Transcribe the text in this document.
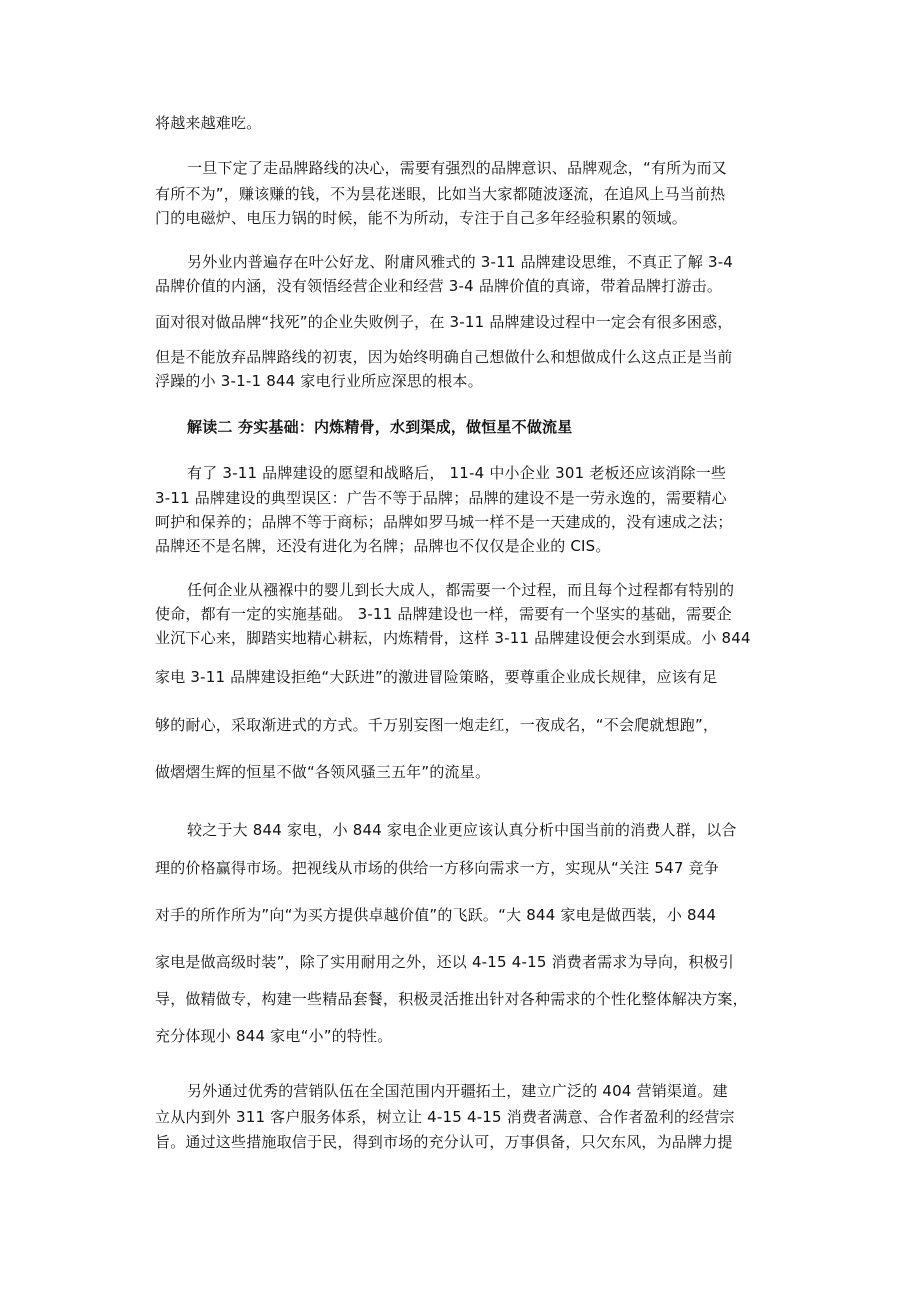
将越来越难吃。
一旦下定了走品牌路线的决心，需要有强烈的品牌意识、品牌观念，“有所为而又
有所不为”，赚该赚的钱，不为昙花迷眼，比如当大家都随波逐流，在追风上马当前热
门的电磁炉、电压力锅的时候，能不为所动，专注于自己多年经验积累的领域。
另外业内普遍存在叶公好龙、附庸风雅式的 3-11 品牌建设思维，不真正了解 3-4
品牌价值的内涵，没有领悟经营企业和经营 3-4 品牌价值的真谛，带着品牌打游击。
面对很对做品牌“找死”的企业失败例子，在 3-11 品牌建设过程中一定会有很多困惑，
但是不能放弃品牌路线的初衷，因为始终明确自己想做什么和想做成什么这点正是当前
浮躁的小 3-1-1 844 家电行业所应深思的根本。
解读二 夯实基础：内炼精骨，水到渠成，做恒星不做流星
有了 3-11 品牌建设的愿望和战略后， 11-4 中小企业 301 老板还应该消除一些
3-11 品牌建设的典型误区：广告不等于品牌；品牌的建设不是一劳永逸的，需要精心
呵护和保养的；品牌不等于商标；品牌如罗马城一样不是一天建成的，没有速成之法；
品牌还不是名牌，还没有进化为名牌；品牌也不仅仅是企业的 CIS。
任何企业从襁褓中的婴儿到长大成人，都需要一个过程，而且每个过程都有特别的
使命，都有一定的实施基础。 3-11 品牌建设也一样，需要有一个坚实的基础，需要企
业沉下心来，脚踏实地精心耕耘，内炼精骨，这样 3-11 品牌建设便会水到渠成。小 844
家电 3-11 品牌建设拒绝“大跃进”的激进冒险策略，要尊重企业成长规律，应该有足
够的耐心，采取渐进式的方式。千万别妄图一炮走红，一夜成名，“不会爬就想跑”，
做熠熠生辉的恒星不做“各领风骚三五年”的流星。
较之于大 844 家电，小 844 家电企业更应该认真分析中国当前的消费人群，以合
理的价格赢得市场。把视线从市场的供给一方移向需求一方，实现从“关注 547 竞争
对手的所作所为”向“为买方提供卓越价值”的飞跃。“大 844 家电是做西装，小 844
家电是做高级时装”，除了实用耐用之外，还以 4-15 4-15 消费者需求为导向，积极引
导，做精做专，构建一些精品套餐，积极灵活推出针对各种需求的个性化整体解决方案，
充分体现小 844 家电“小”的特性。
另外通过优秀的营销队伍在全国范围内开疆拓土，建立广泛的 404 营销渠道。建
立从内到外 311 客户服务体系，树立让 4-15 4-15 消费者满意、合作者盈利的经营宗
旨。通过这些措施取信于民，得到市场的充分认可，万事俱备，只欠东风，为品牌力提
